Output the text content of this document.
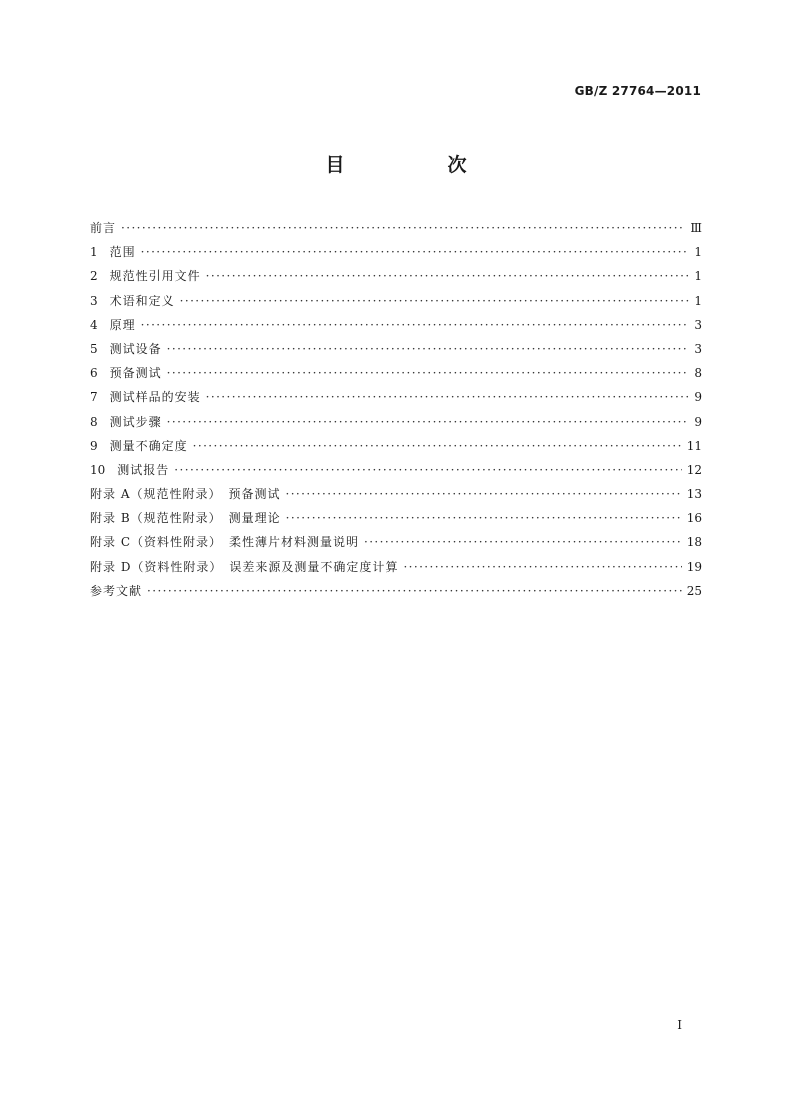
GB/Z 27764—2011

目　次
前言 ·····	Ⅲ
1 范围 ·····	1
2 规范性引用文件 ·····	1
3 术语和定义 ·····	1
4 原理 ·····	3
5 测试设备 ·····	3
6 预备测试 ·····	8
7 测试样品的安装 ·····	9
8 测试步骤 ·····	9
9 测量不确定度 ·····	11
10 测试报告 ·····	12
附录 A（规范性附录）　预备测试 ·····	13
附录 B（规范性附录）　测量理论 ·····	16
附录 C（资料性附录）　柔性薄片材料测量说明 ·····	18
附录 D（资料性附录）　误差来源及测量不确定度计算 ·····	19
参考文献 ·····	25

I
